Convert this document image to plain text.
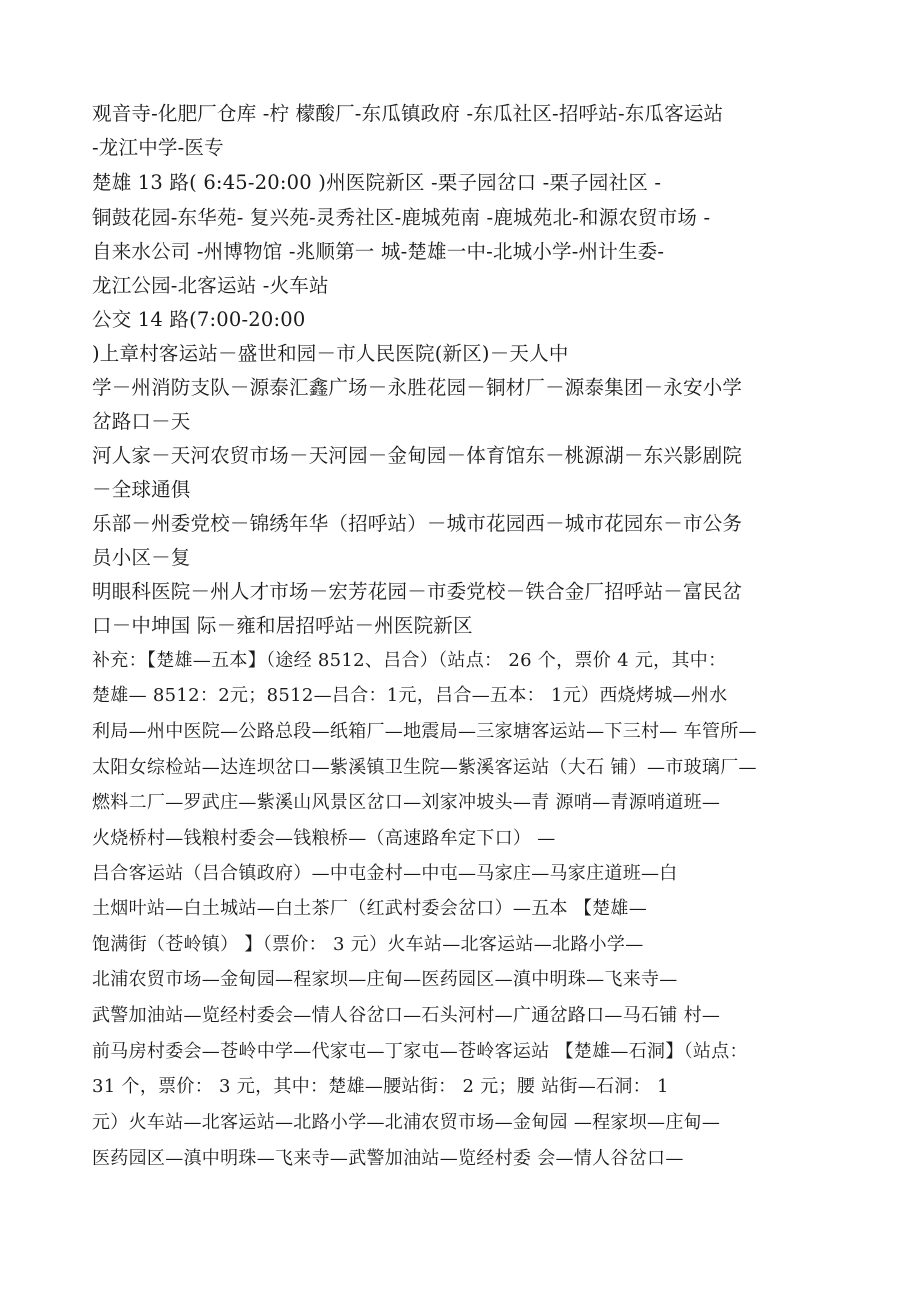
观音寺-化肥厂仓库 -柠 檬酸厂-东瓜镇政府 -东瓜社区-招呼站-东瓜客运站
-龙江中学-医专
楚雄 13 路( 6:45-20:00 )州医院新区 -栗子园岔口 -栗子园社区 -
铜鼓花园-东华苑- 复兴苑-灵秀社区-鹿城苑南 -鹿城苑北-和源农贸市场 -
自来水公司 -州博物馆 -兆顺第一 城-楚雄一中-北城小学-州计生委-
龙江公园-北客运站 -火车站
公交 14 路(7:00-20:00
)上章村客运站－盛世和园－市人民医院(新区)－天人中
学－州消防支队－源泰汇鑫广场－永胜花园－铜材厂－源泰集团－永安小学
岔路口－天
河人家－天河农贸市场－天河园－金甸园－体育馆东－桃源湖－东兴影剧院
－全球通俱
乐部－州委党校－锦绣年华（招呼站）－城市花园西－城市花园东－市公务
员小区－复
明眼科医院－州人才市场－宏芳花园－市委党校－铁合金厂招呼站－富民岔
口－中坤国 际－雍和居招呼站－州医院新区
补充：【楚雄—五本】（途经 8512、吕合）（站点： 26 个，票价 4 元，其中：
楚雄— 8512：2元；8512—吕合：1元，吕合—五本： 1元）西烧烤城—州水
利局—州中医院—公路总段—纸箱厂—地震局—三家塘客运站—下三村— 车管所—
太阳女综检站—达连坝岔口—紫溪镇卫生院—紫溪客运站（大石 铺）—市玻璃厂—
燃料二厂—罗武庄—紫溪山风景区岔口—刘家冲坡头—青 源哨—青源哨道班—
火烧桥村—钱粮村委会—钱粮桥—（高速路牟定下口） —
吕合客运站（吕合镇政府）—中屯金村—中屯—马家庄—马家庄道班—白
土烟叶站—白土城站—白土茶厂（红武村委会岔口）—五本 【楚雄—
饱满街（苍岭镇） 】（票价： 3 元）火车站—北客运站—北路小学—
北浦农贸市场—金甸园—程家坝—庄甸—医药园区—滇中明珠—飞来寺—
武警加油站—览经村委会—情人谷岔口—石头河村—广通岔路口—马石铺 村—
前马房村委会—苍岭中学—代家屯—丁家屯—苍岭客运站 【楚雄—石洞】（站点：
31 个，票价： 3 元，其中：楚雄—腰站街： 2 元；腰 站街—石洞： 1
元）火车站—北客运站—北路小学—北浦农贸市场—金甸园 —程家坝—庄甸—
医药园区—滇中明珠—飞来寺—武警加油站—览经村委 会—情人谷岔口—
